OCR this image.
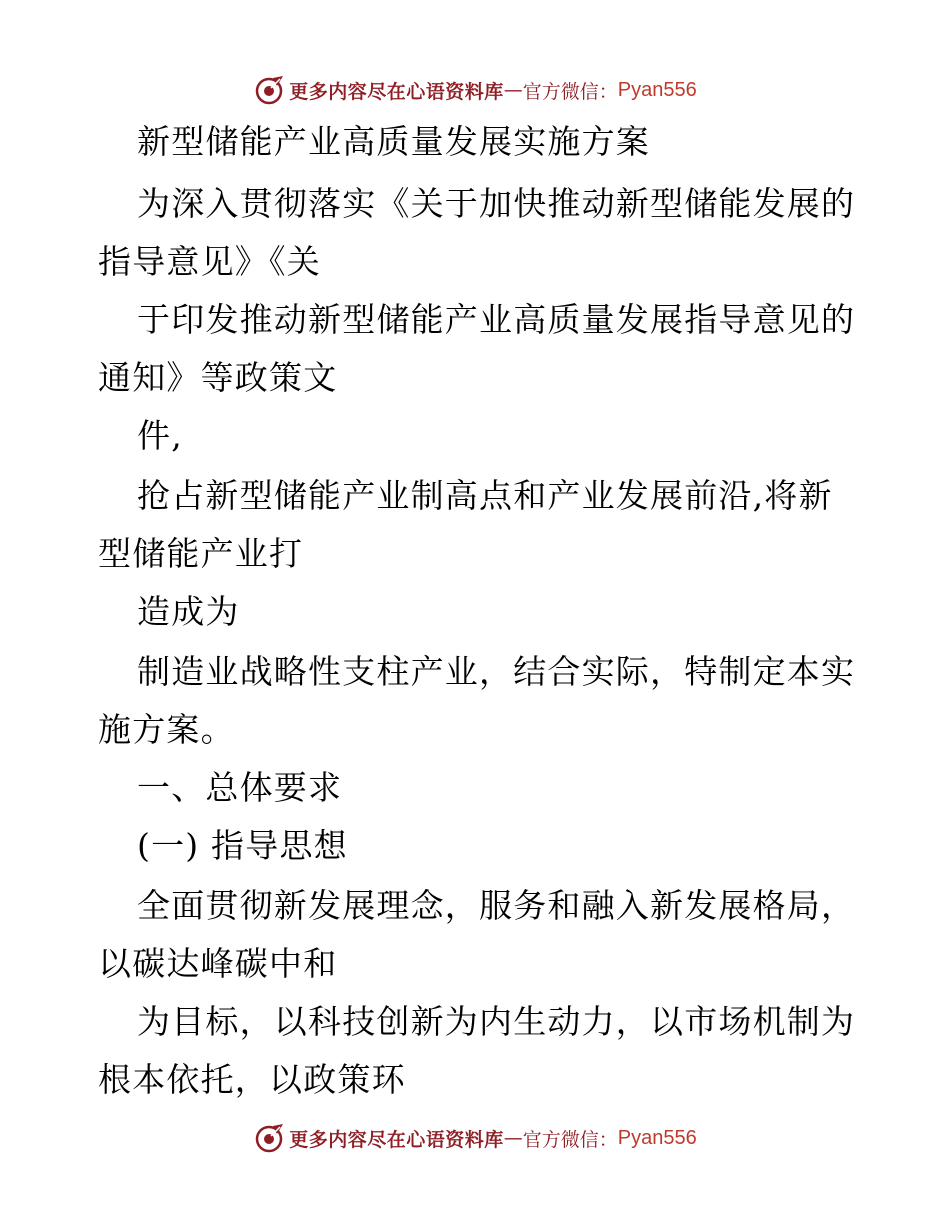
更多内容尽在心语资料库 — 官方微信： Pyan556
新型储能产业高质量发展实施方案
为深入贯彻落实《关于加快推动新型储能发展的
指导意见》《关
于印发推动新型储能产业高质量发展指导意见的
通知》等政策文
件,
抢占新型储能产业制高点和产业发展前沿,将新
型储能产业打
造成为
制造业战略性支柱产业，结合实际，特制定本实
施方案。
一、总体要求
(一) 指导思想
全面贯彻新发展理念，服务和融入新发展格局，
以碳达峰碳中和
为目标，以科技创新为内生动力，以市场机制为
根本依托，以政策环
更多内容尽在心语资料库 — 官方微信： Pyan556
